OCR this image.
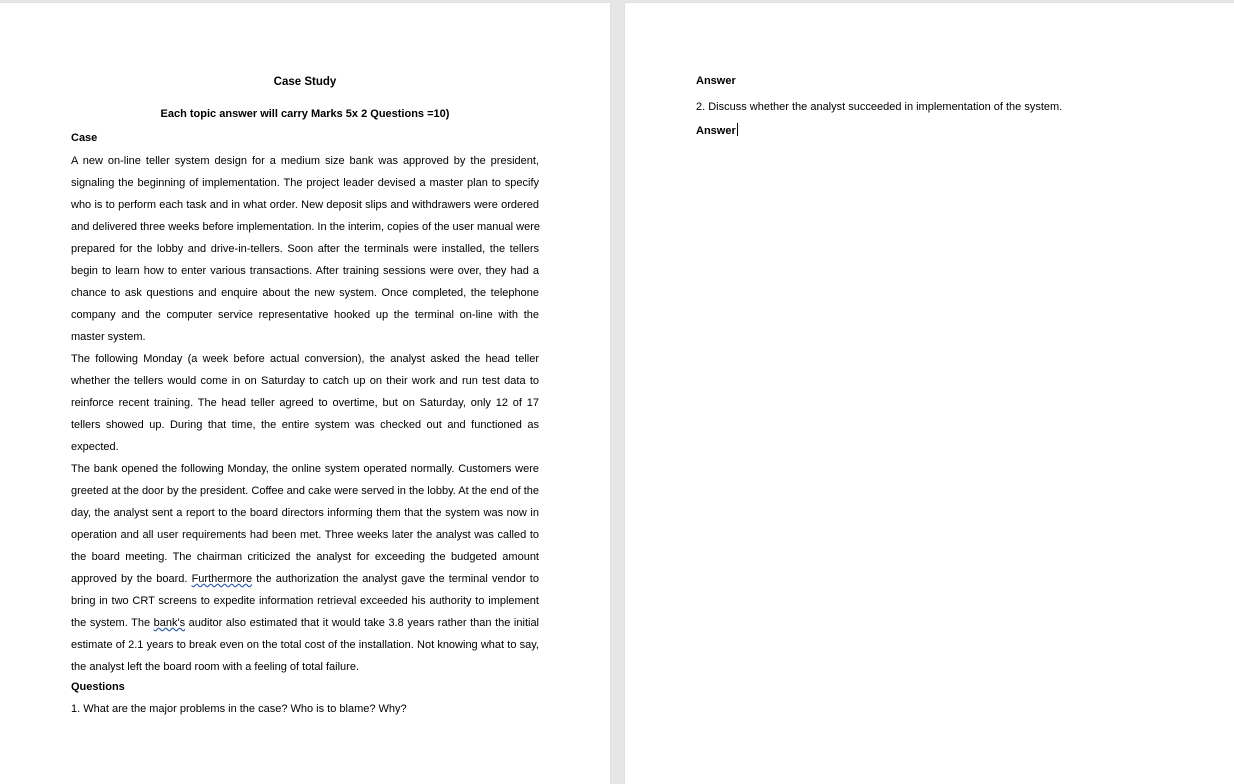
Case Study
Each topic answer will carry Marks 5x 2 Questions =10)
Case
A new on-line teller system design for a medium size bank was approved by the president,
signaling the beginning of implementation. The project leader devised a master plan to specify
who is to perform each task and in what order. New deposit slips and withdrawers were ordered
and delivered three weeks before implementation. In the interim, copies of the user manual were
prepared for the lobby and drive-in-tellers. Soon after the terminals were installed, the tellers
begin to learn how to enter various transactions. After training sessions were over, they had a
chance to ask questions and enquire about the new system. Once completed, the telephone
company and the computer service representative hooked up the terminal on-line with the
master system.
The following Monday (a week before actual conversion), the analyst asked the head teller
whether the tellers would come in on Saturday to catch up on their work and run test data to
reinforce recent training. The head teller agreed to overtime, but on Saturday, only 12 of 17
tellers showed up. During that time, the entire system was checked out and functioned as
expected.
The bank opened the following Monday, the online system operated normally. Customers were
greeted at the door by the president. Coffee and cake were served in the lobby. At the end of the
day, the analyst sent a report to the board directors informing them that the system was now in
operation and all user requirements had been met. Three weeks later the analyst was called to
the board meeting. The chairman criticized the analyst for exceeding the budgeted amount
approved by the board. Furthermore the authorization the analyst gave the terminal vendor to
bring in two CRT screens to expedite information retrieval exceeded his authority to implement
the system. The bank's auditor also estimated that it would take 3.8 years rather than the initial
estimate of 2.1 years to break even on the total cost of the installation. Not knowing what to say,
the analyst left the board room with a feeling of total failure.
Questions
1. What are the major problems in the case? Who is to blame? Why?
Answer
2. Discuss whether the analyst succeeded in implementation of the system.
Answer
